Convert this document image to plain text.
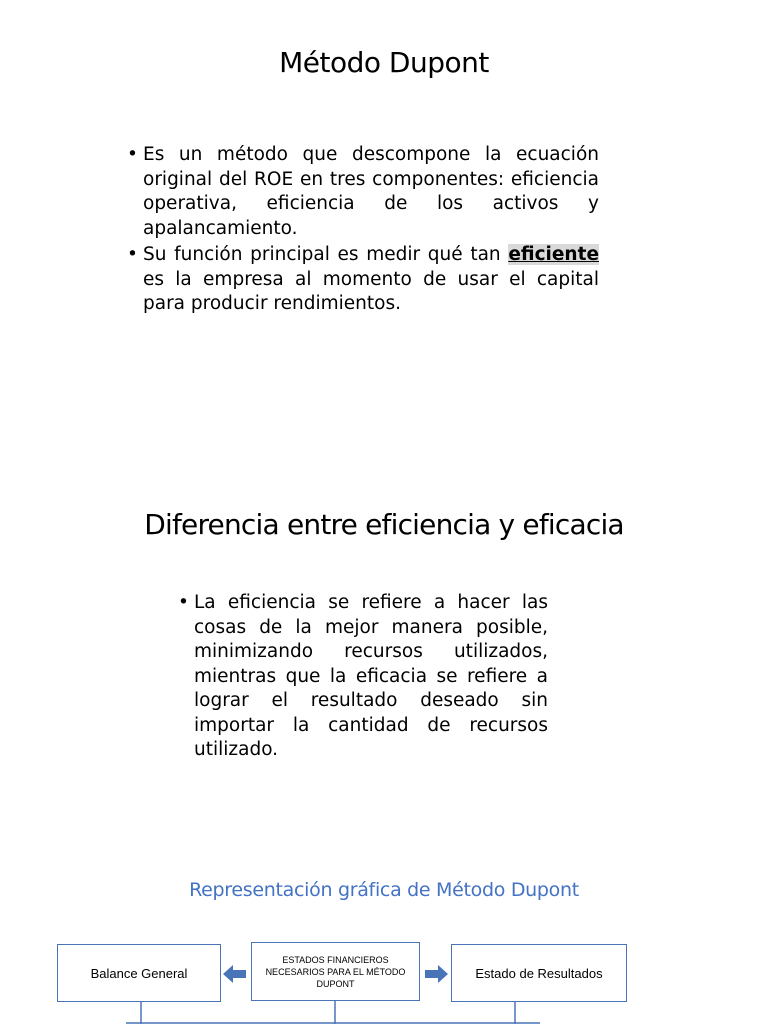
Método Dupont
• Es un método que descompone la ecuación original del ROE en tres componentes: eficiencia operativa, eficiencia de los activos y apalancamiento.
• Su función principal es medir qué tan eficiente es la empresa al momento de usar el capital para producir rendimientos.
Diferencia entre eficiencia y eficacia
• La eficiencia se refiere a hacer las cosas de la mejor manera posible, minimizando recursos utilizados, mientras que la eficacia se refiere a lograr el resultado deseado sin importar la cantidad de recursos utilizado.
Representación gráfica de Método Dupont
Balance General
ESTADOS FINANCIEROS NECESARIOS PARA EL MÉTODO DUPONT
Estado de Resultados
